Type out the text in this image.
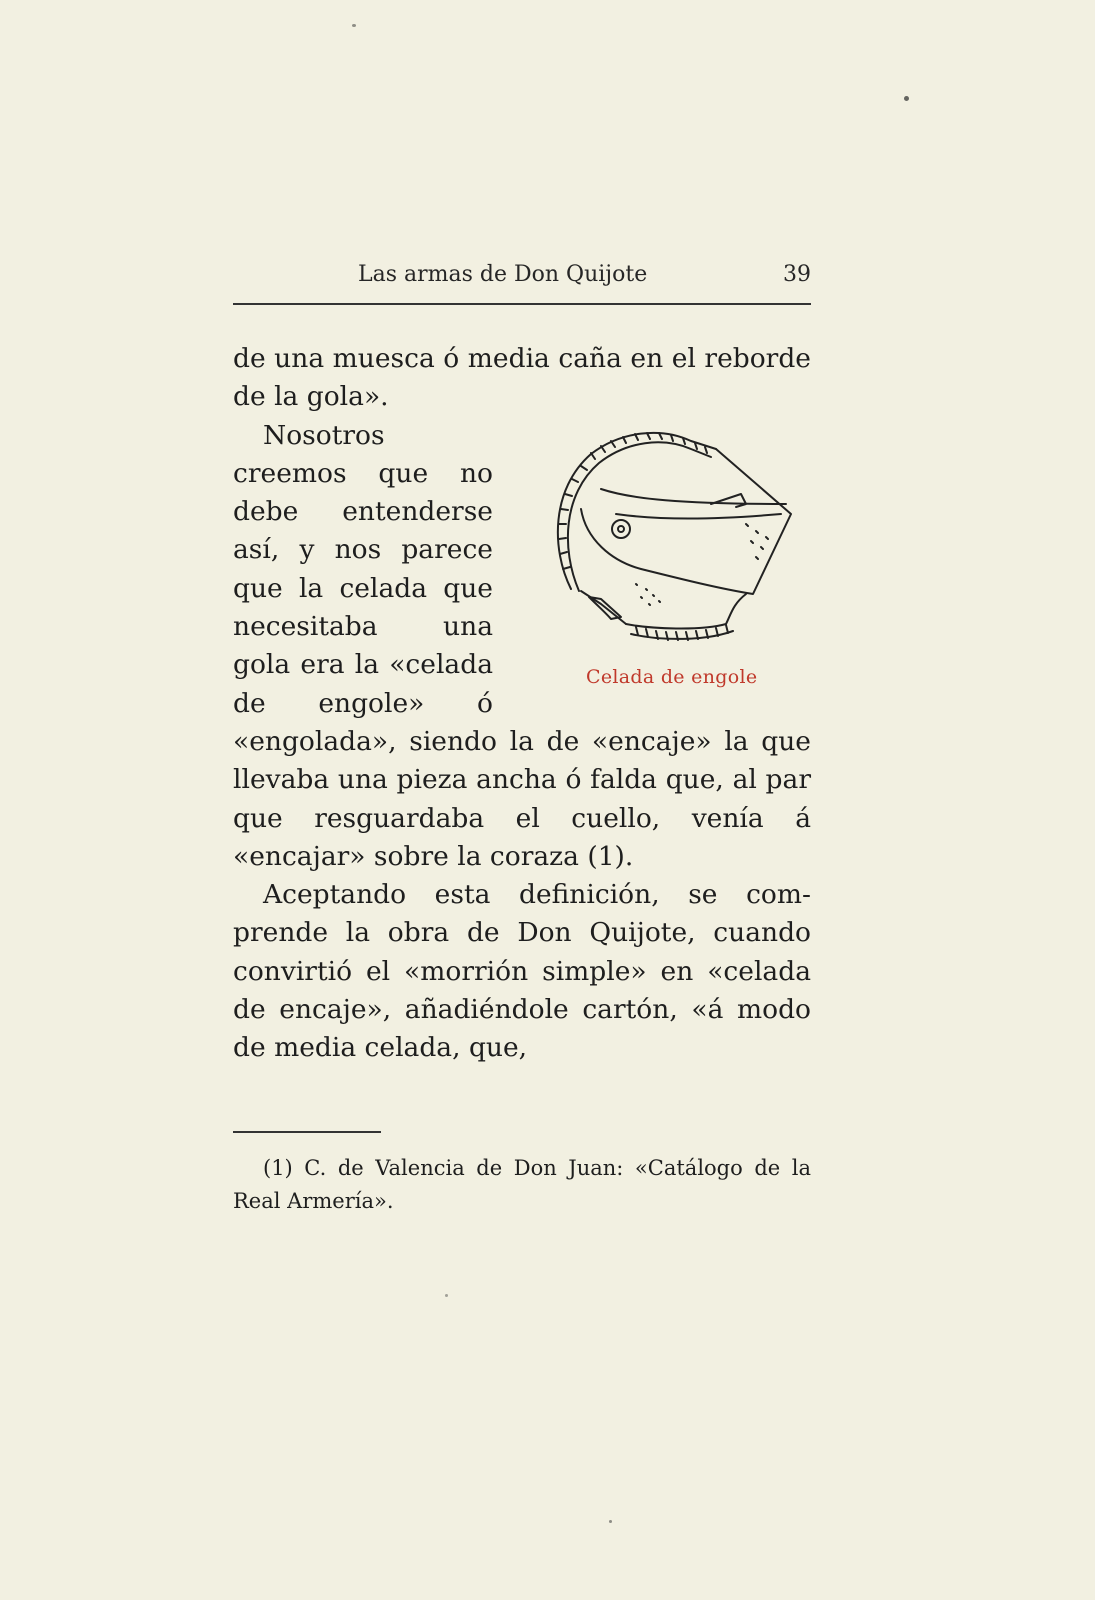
Las armas de Don Quijote	39

de una muesca ó media caña en el reborde de la gola».

Celada de engole
Nosotros creemos que no debe entenderse así, y nos parece que la celada que necesitaba una gola era la «celada de engole» ó «engolada», siendo la de «encaje» la que llevaba una pieza ancha ó falda que, al par que resguardaba el cuello, venía á «encajar» sobre la coraza (1).

Aceptando esta definición, se comprende la obra de Don Quijote, cuando convirtió el «morrión simple» en «celada de encaje», añadiéndole cartón, «á modo de media celada, que,

(1) C. de Valencia de Don Juan: «Catálogo de la Real Armería».
